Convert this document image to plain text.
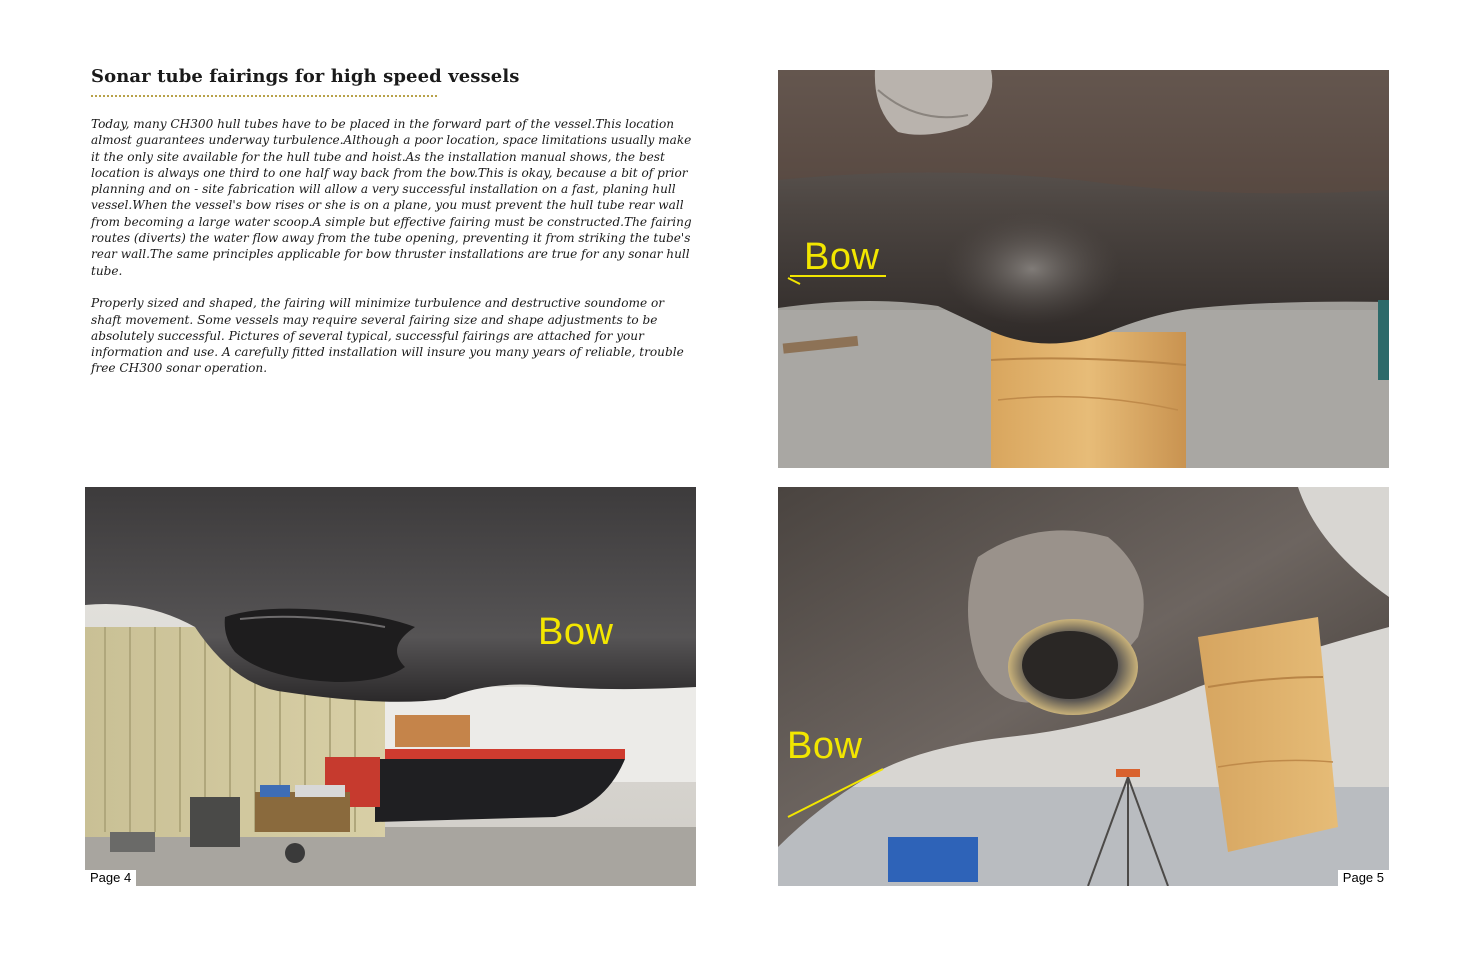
Sonar tube fairings for high speed vessels

Today, many CH300 hull tubes have to be placed in the forward part of the vessel.This location almost guarantees underway turbulence.Although a poor location, space limitations usually make it the only site available for the hull tube and hoist.As the installation manual shows, the best location is always one third to one half way back from the bow.This is okay, because a bit of prior planning and on - site fabrication will allow a very successful installation on a fast, planing hull vessel.When the vessel's bow rises or she is on a plane, you must prevent the hull tube rear wall from becoming a large water scoop.A simple but effective fairing must be constructed.The fairing routes (diverts) the water flow away from the tube opening, preventing it from striking the tube's rear wall.The same principles applicable for bow thruster installations are true for any sonar hull tube.

Properly sized and shaped, the fairing will minimize turbulence and destructive soundome or shaft movement. Some vessels may require several fairing size and shape adjustments to be absolutely successful. Pictures of several typical, successful fairings are attached for your information and use. A carefully fitted installation will insure you many years of reliable, trouble free CH300 sonar operation.

Bow
Bow
Page 4
Bow
Page 5
